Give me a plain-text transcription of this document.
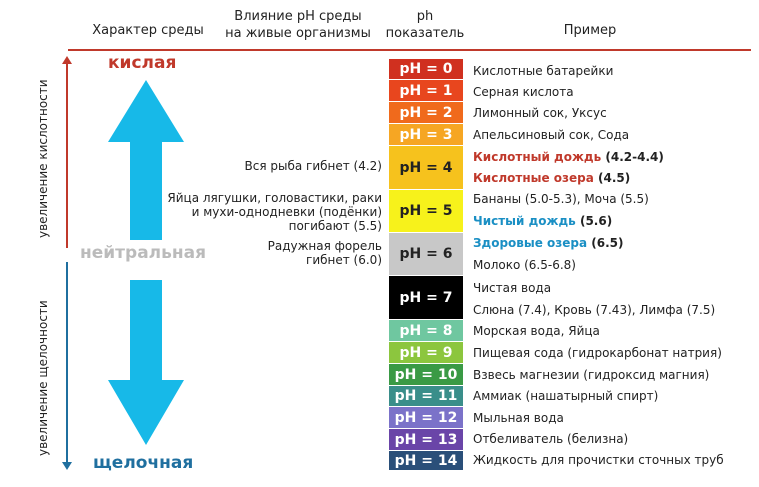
Характер среды
Влияние pH среды
на живые организмы
ph
показатель	Пример
увеличение кислотности
увеличение щелочности
кислая
нейтральная
щелочная
Вся рыба гибнет (4.2)
Яйца лягушки, головастики, раки
и мухи-однодневки (подёнки)
погибают (5.5)
Радужная форель
гибнет (6.0)
pH = 0
pH = 1
pH = 2
pH = 3
pH = 4
pH = 5
pH = 6
pH = 7
pH = 8
pH = 9
pH = 10
pH = 11
pH = 12
pH = 13
pH = 14
Кислотные батарейки
Серная кислота
Лимонный сок, Уксус
Апельсиновый сок, Сода
Кислотный дождь (4.2-4.4)
Кислотные озера (4.5)
Бананы (5.0-5.3), Моча (5.5)
Чистый дождь (5.6)
Здоровые озера (6.5)
Молоко (6.5-6.8)
Чистая вода
Слюна (7.4), Кровь (7.43), Лимфа (7.5)
Морская вода, Яйца
Пищевая сода (гидрокарбонат натрия)
Взвесь магнезии (гидроксид магния)
Аммиак (нашатырный спирт)
Мыльная вода
Отбеливатель (белизна)
Жидкость для прочистки сточных труб
